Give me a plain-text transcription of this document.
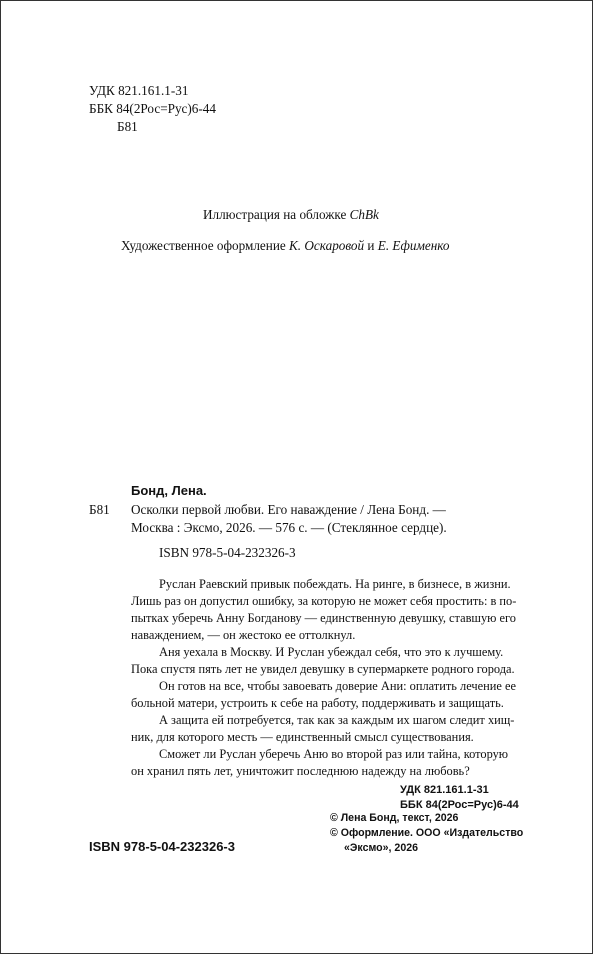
УДК 821.161.1-31
ББК 84(2Рос=Рус)6-44
Б81
Иллюстрация на обложке ChBk
Художественное оформление К. Оскаровой и Е. Ефименко
Бонд, Лена.
Б81 Осколки первой любви. Его наваждение / Лена Бонд. —
Москва : Эксмо, 2026. — 576 с. — (Стеклянное сердце).
ISBN 978-5-04-232326-3
Руслан Раевский привык побеждать. На ринге, в бизнесе, в жизни.
Лишь раз он допустил ошибку, за которую не может себя простить: в по-
пытках уберечь Анну Богданову — единственную девушку, ставшую его
наваждением, — он жестоко ее оттолкнул.
Аня уехала в Москву. И Руслан убеждал себя, что это к лучшему.
Пока спустя пять лет не увидел девушку в супермаркете родного города.
Он готов на все, чтобы завоевать доверие Ани: оплатить лечение ее
больной матери, устроить к себе на работу, поддерживать и защищать.
А защита ей потребуется, так как за каждым их шагом следит хищ-
ник, для которого месть — единственный смысл существования.
Сможет ли Руслан уберечь Аню во второй раз или тайна, которую
он хранил пять лет, уничтожит последнюю надежду на любовь?
УДК 821.161.1-31
ББК 84(2Рос=Рус)6-44
ISBN 978-5-04-232326-3
© Лена Бонд, текст, 2026
© Оформление. ООО «Издательство
«Эксмо», 2026
